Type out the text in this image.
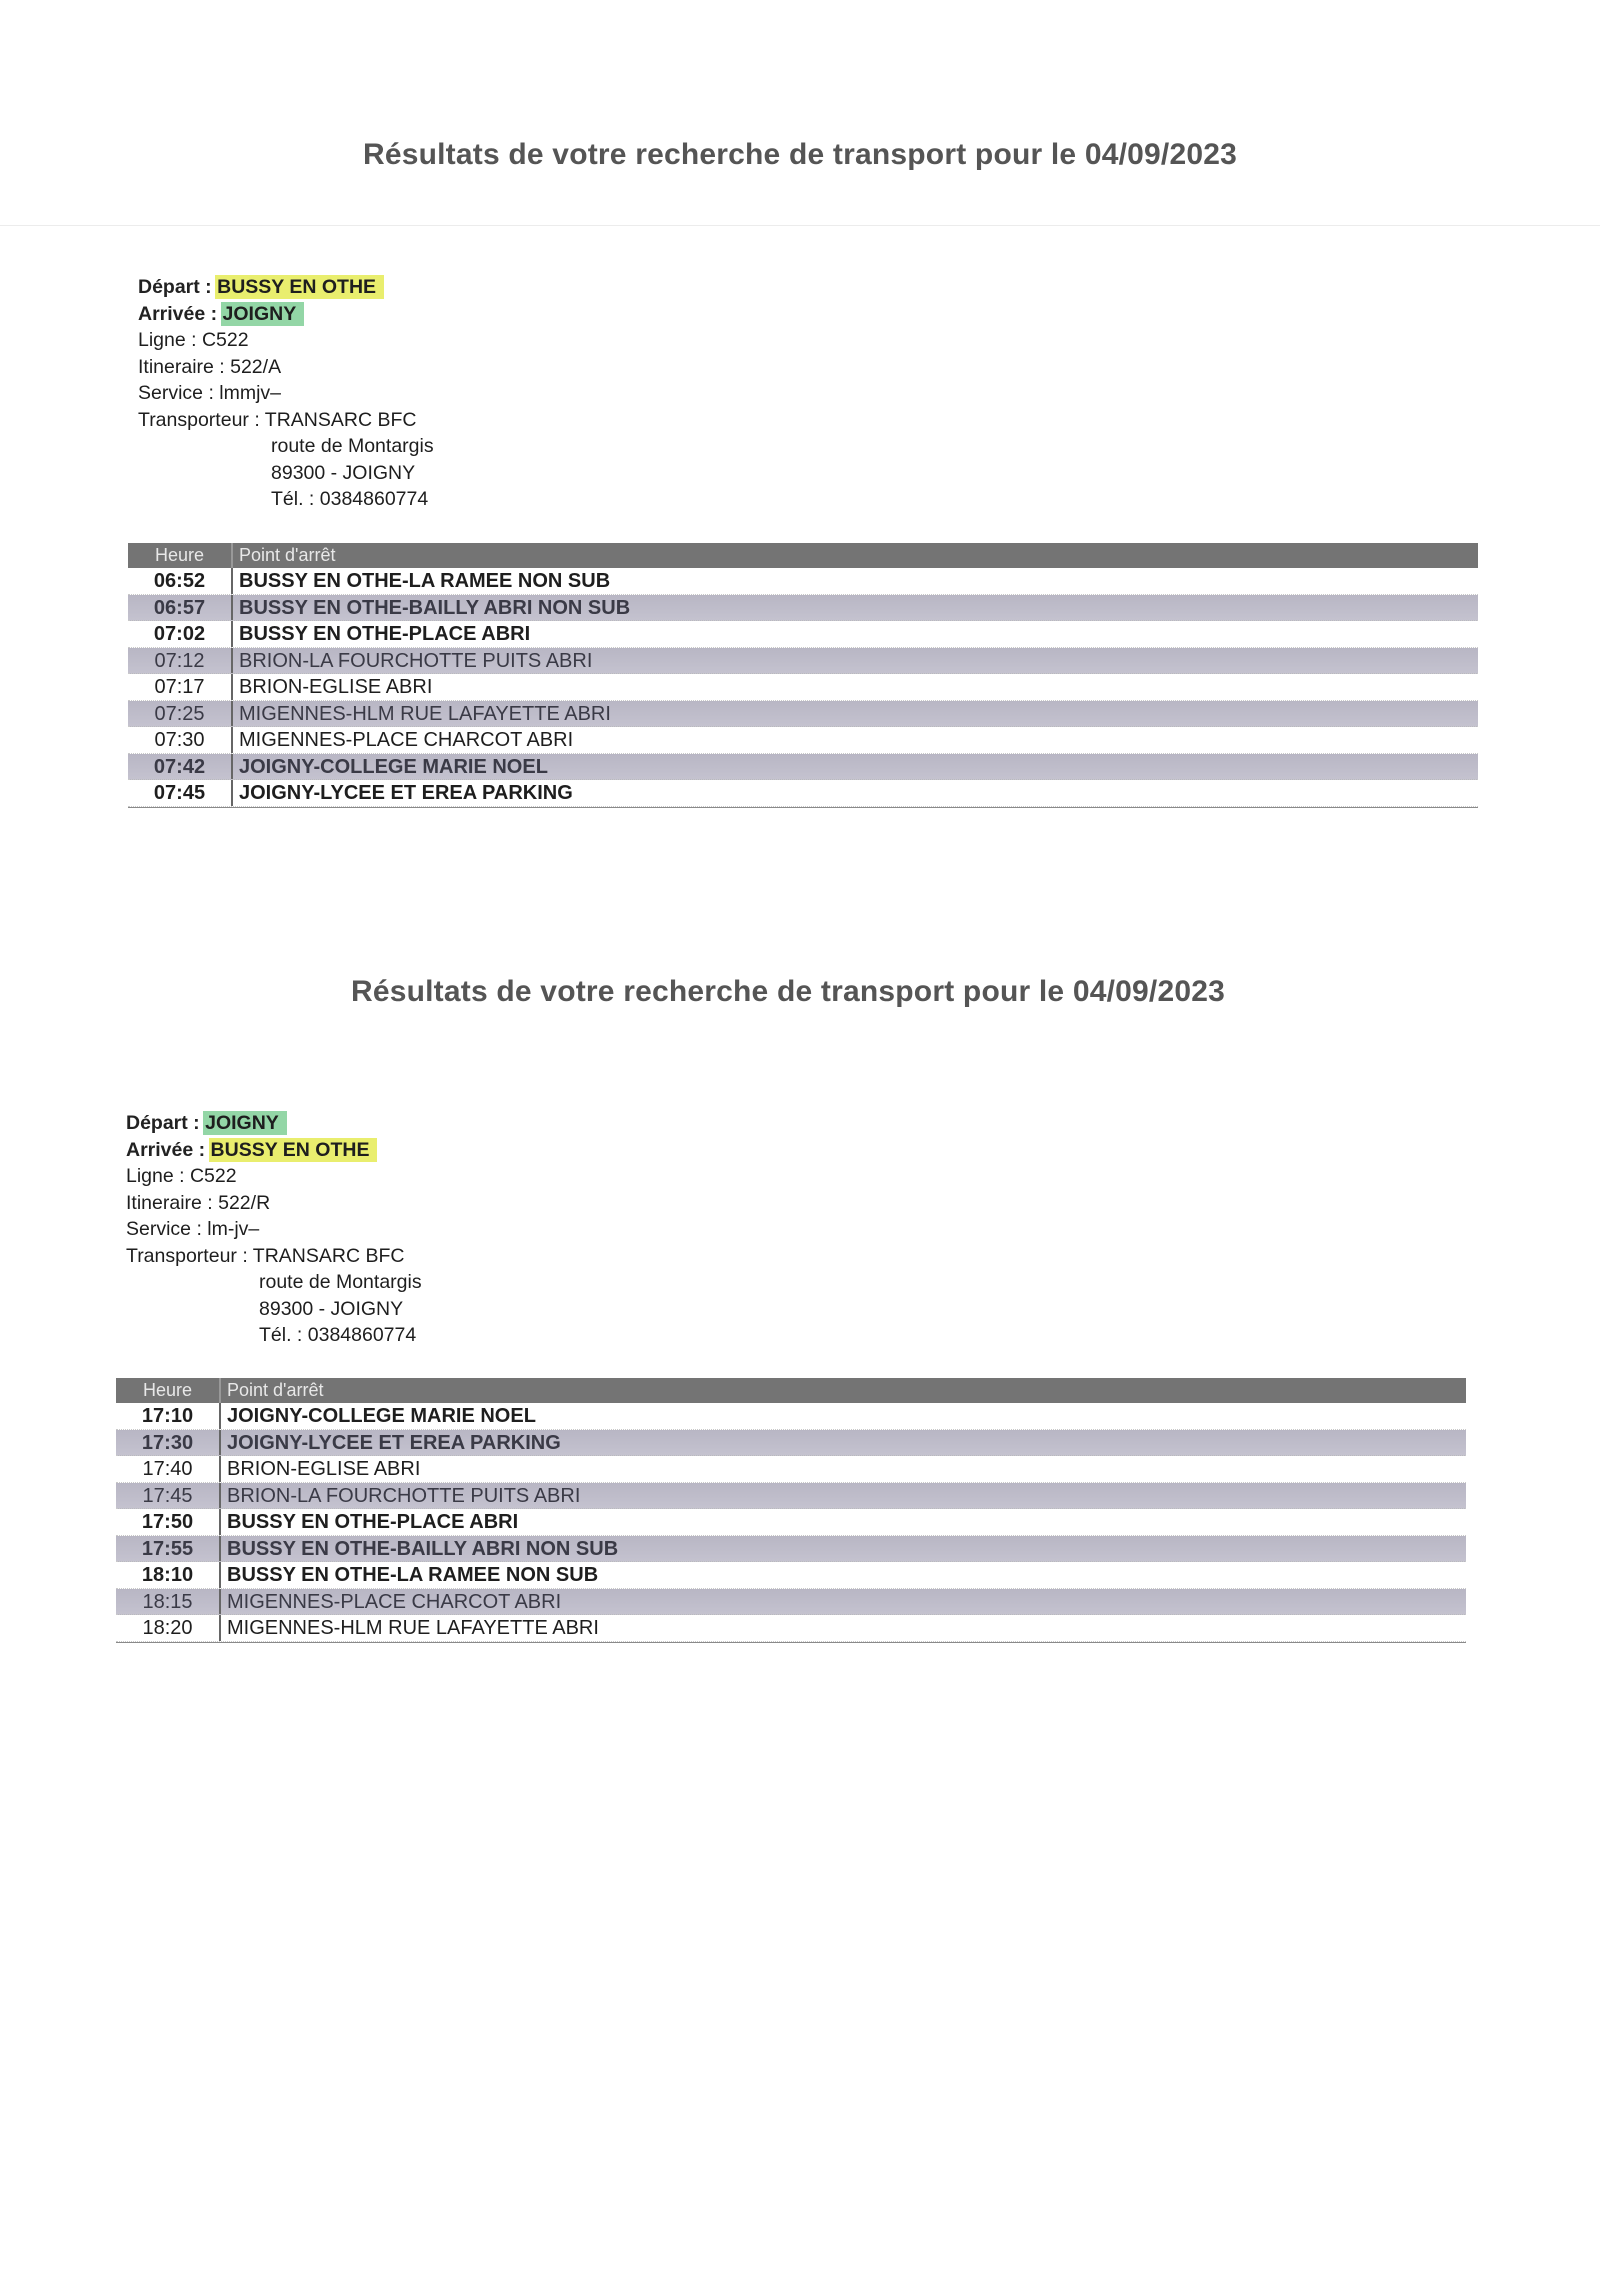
Résultats de votre recherche de transport pour le 04/09/2023
Départ : BUSSY EN OTHE
Arrivée : JOIGNY
Ligne : C522
Itineraire : 522/A
Service : lmmjv–
Transporteur : TRANSARC BFC
route de Montargis
89300 - JOIGNY
Tél. : 0384860774
Heure	Point d'arrêt
06:52	BUSSY EN OTHE-LA RAMEE NON SUB
06:57	BUSSY EN OTHE-BAILLY ABRI NON SUB
07:02	BUSSY EN OTHE-PLACE ABRI
07:12	BRION-LA FOURCHOTTE PUITS ABRI
07:17	BRION-EGLISE ABRI
07:25	MIGENNES-HLM RUE LAFAYETTE ABRI
07:30	MIGENNES-PLACE CHARCOT ABRI
07:42	JOIGNY-COLLEGE MARIE NOEL
07:45	JOIGNY-LYCEE ET EREA PARKING
Résultats de votre recherche de transport pour le 04/09/2023
Départ : JOIGNY
Arrivée : BUSSY EN OTHE
Ligne : C522
Itineraire : 522/R
Service : lm-jv–
Transporteur : TRANSARC BFC
route de Montargis
89300 - JOIGNY
Tél. : 0384860774
Heure	Point d'arrêt
17:10	JOIGNY-COLLEGE MARIE NOEL
17:30	JOIGNY-LYCEE ET EREA PARKING
17:40	BRION-EGLISE ABRI
17:45	BRION-LA FOURCHOTTE PUITS ABRI
17:50	BUSSY EN OTHE-PLACE ABRI
17:55	BUSSY EN OTHE-BAILLY ABRI NON SUB
18:10	BUSSY EN OTHE-LA RAMEE NON SUB
18:15	MIGENNES-PLACE CHARCOT ABRI
18:20	MIGENNES-HLM RUE LAFAYETTE ABRI
